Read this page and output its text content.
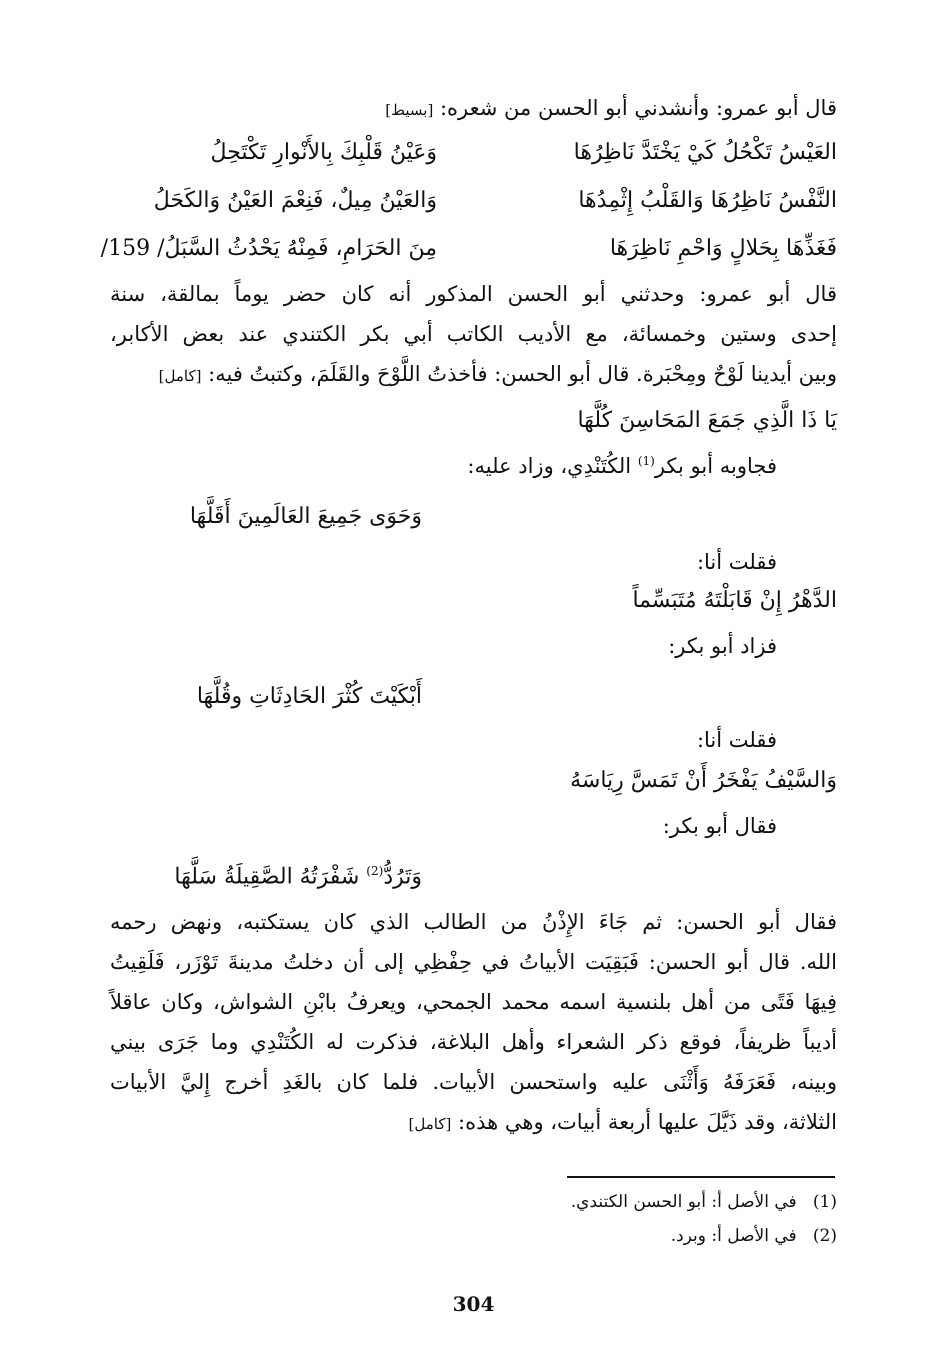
قال أبو عمرو: وأنشدني أبو الحسن من شعره: [بسيط]
العَيْسُ تَكْحُلُ كَيْ يَخْتَدَّ نَاظِرُهَا
وَعَيْنُ قَلْبِكَ بِالأَنْوارِ تَكْتَحِلُ
النَّفْسُ نَاظِرُهَا وَالقَلْبُ إِثْمِدُهَا
وَالعَيْنُ مِيلٌ، فَنِعْمَ العَيْنُ وَالكَحَلُ
فَغَذِّهَا بِحَلالٍ وَاحْمِ نَاظِرَهَا
مِنَ الحَرَامِ، فَمِنْهُ يَحْدُثُ السَّبَلُ/ 159/
قال أبو عمرو: وحدثني أبو الحسن المذكور أنه كان حضر يوماً بمالقة، سنة
إحدى وستين وخمسائة، مع الأديب الكاتب أبي بكر الكتندي عند بعض الأكابر،
وبين أيدينا لَوْحٌ ومِحْبَرة. قال أبو الحسن: فأخذتُ اللَّوْحَ والقَلَمَ، وكتبتُ فيه: [كامل]
يَا ذَا الَّذِي جَمَعَ المَحَاسِنَ كُلَّهَا
فجاوبه أبو بكر$^{(1)}$ الكُتَنْدِي، وزاد عليه:
وَحَوَى جَمِيعَ العَالَمِينَ أَقَلَّهَا
فقلت أنا:
الدَّهْرُ إِنْ قَابَلْتَهُ مُتَبَسِّماً
فزاد أبو بكر:
أَبْكَيْتَ كُثْرَ الحَادِثَاتِ وقُلَّهَا
فقلت أنا:
وَالسَّيْفُ يَفْخَرُ أَنْ تَمَسَّ رِيَاسَهُ
فقال أبو بكر:
وَتَرُدُّ$^{(2)}$ شَفْرَتُهُ الصَّقِيلَةُ سَلَّهَا
فقال أبو الحسن: ثم جَاءَ الإِذْنُ من الطالب الذي كان يستكتبه، ونهض رحمه
الله. قال أبو الحسن: فَبَقِيَت الأبياتُ في حِفْظِي إلى أن دخلتُ مدينةَ تَوْزَر، فَلَقِيتُ
فِيهَا فَتًى من أهل بلنسية اسمه محمد الجمحي، ويعرفُ بابْنِ الشواش، وكان عاقلاً
أديباً ظريفاً، فوقع ذكر الشعراء وأهل البلاغة، فذكرت له الكُتَنْدِي وما جَرَى بيني
وبينه، فَعَرَفَهُ وَأَثْنَى عليه واستحسن الأبيات. فلما كان بالغَدِ أخرج إِليَّ الأبيات
الثلاثة، وقد ذَيَّلَ عليها أربعة أبيات، وهي هذه: [كامل]
(1)   في الأصل أ: أبو الحسن الكتندي.
(2)   في الأصل أ: وبرد.
304
